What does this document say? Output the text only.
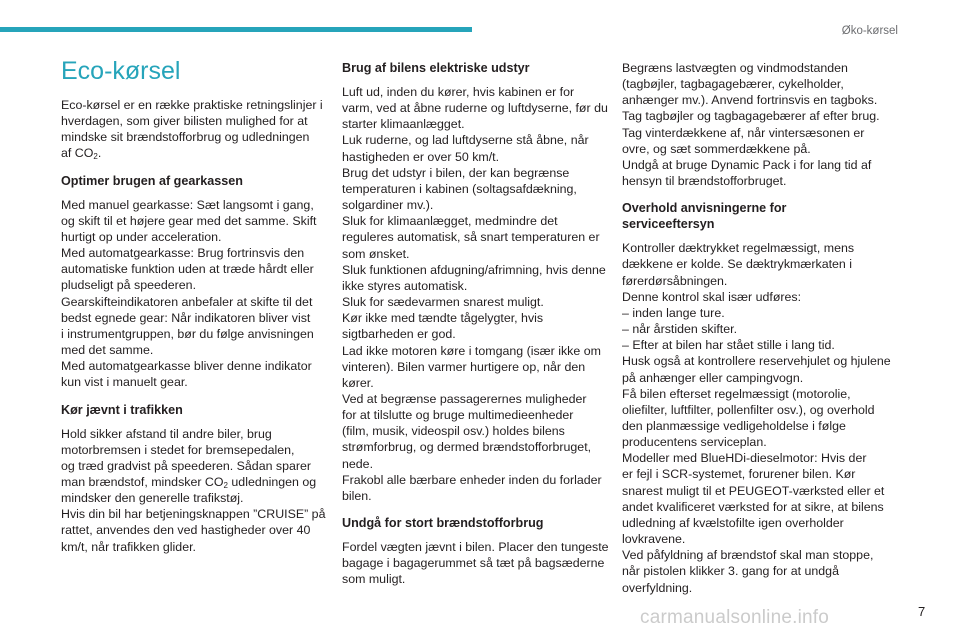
Øko-kørsel
Eco-kørsel
Eco-kørsel er en række praktiske retningslinjer i
hverdagen, som giver bilisten mulighed for at
mindske sit brændstofforbrug og udledningen
af $CO_2$.
Optimer brugen af gearkassen
Med manuel gearkasse: Sæt langsomt i gang,
og skift til et højere gear med det samme. Skift
hurtigt op under acceleration.
Med automatgearkasse: Brug fortrinsvis den
automatiske funktion uden at træde hårdt eller
pludseligt på speederen.
Gearskifteindikatoren anbefaler at skifte til det
bedst egnede gear: Når indikatoren bliver vist
i instrumentgruppen, bør du følge anvisningen
med det samme.
Med automatgearkasse bliver denne indikator
kun vist i manuelt gear.
Kør jævnt i trafikken
Hold sikker afstand til andre biler, brug
motorbremsen i stedet for bremsepedalen,
og træd gradvist på speederen. Sådan sparer
man brændstof, mindsker $CO_2$ udledningen og
mindsker den generelle trafikstøj.
Hvis din bil har betjeningsknappen ”CRUISE” på
rattet, anvendes den ved hastigheder over 40
km/t, når trafikken glider.
Brug af bilens elektriske udstyr
Luft ud, inden du kører, hvis kabinen er for
varm, ved at åbne ruderne og luftdyserne, før du
starter klimaanlægget.
Luk ruderne, og lad luftdyserne stå åbne, når
hastigheden er over 50 km/t.
Brug det udstyr i bilen, der kan begrænse
temperaturen i kabinen (soltagsafdækning,
solgardiner mv.).
Sluk for klimaanlægget, medmindre det
reguleres automatisk, så snart temperaturen er
som ønsket.
Sluk funktionen afdugning/afrimning, hvis denne
ikke styres automatisk.
Sluk for sædevarmen snarest muligt.
Kør ikke med tændte tågelygter, hvis
sigtbarheden er god.
Lad ikke motoren køre i tomgang (især ikke om
vinteren). Bilen varmer hurtigere op, når den
kører.
Ved at begrænse passagerernes muligheder
for at tilslutte og bruge multimedieenheder
(film, musik, videospil osv.) holdes bilens
strømforbrug, og dermed brændstofforbruget,
nede.
Frakobl alle bærbare enheder inden du forlader
bilen.
Undgå for stort brændstofforbrug
Fordel vægten jævnt i bilen. Placer den tungeste
bagage i bagagerummet så tæt på bagsæderne
som muligt.
Begræns lastvægten og vindmodstanden
(tagbøjler, tagbagagebærer, cykelholder,
anhænger mv.). Anvend fortrinsvis en tagboks.
Tag tagbøjler og tagbagagebærer af efter brug.
Tag vinterdækkene af, når vintersæsonen er
ovre, og sæt sommerdækkene på.
Undgå at bruge Dynamic Pack i for lang tid af
hensyn til brændstofforbruget.
Overhold anvisningerne for
serviceeftersyn
Kontroller dæktrykket regelmæssigt, mens
dækkene er kolde. Se dæktrykmærkaten i
førerdørsåbningen.
Denne kontrol skal især udføres:
– inden lange ture.
– når årstiden skifter.
– Efter at bilen har stået stille i lang tid.
Husk også at kontrollere reservehjulet og hjulene
på anhænger eller campingvogn.
Få bilen efterset regelmæssigt (motorolie,
oliefilter, luftfilter, pollenfilter osv.), og overhold
den planmæssige vedligeholdelse i følge
producentens serviceplan.
Modeller med BlueHDi-dieselmotor: Hvis der
er fejl i SCR-systemet, forurener bilen. Kør
snarest muligt til et PEUGEOT-værksted eller et
andet kvalificeret værksted for at sikre, at bilens
udledning af kvælstofilte igen overholder
lovkravene.
Ved påfyldning af brændstof skal man stoppe,
når pistolen klikker 3. gang for at undgå
overfyldning.
carmanualsonline.info	7
